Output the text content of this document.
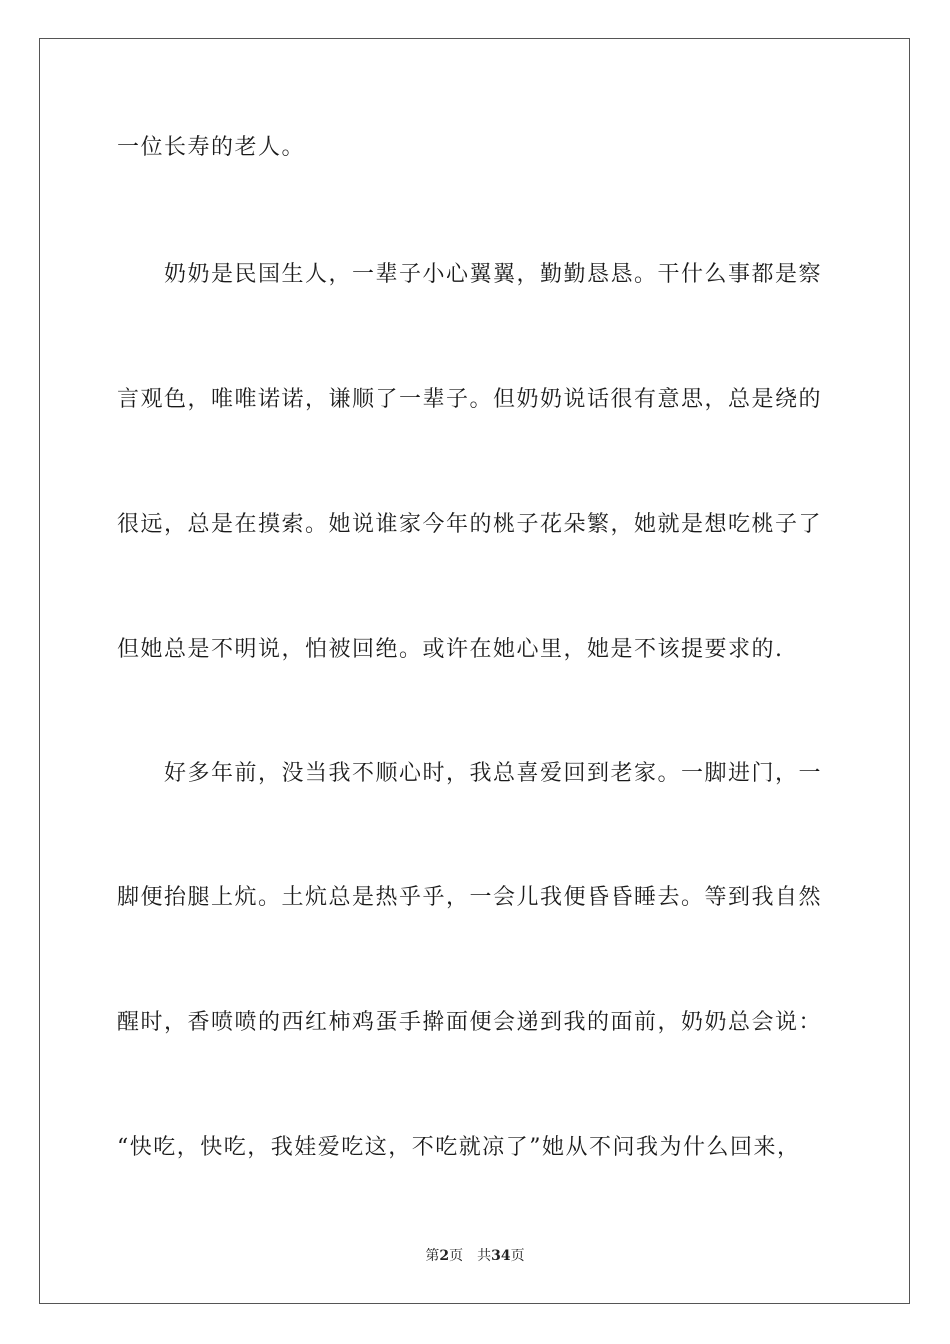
一位长寿的老人。
　　奶奶是民国生人，一辈子小心翼翼，勤勤恳恳。干什么事都是察
言观色，唯唯诺诺，谦顺了一辈子。但奶奶说话很有意思，总是绕的
很远，总是在摸索。她说谁家今年的桃子花朵繁，她就是想吃桃子了
但她总是不明说，怕被回绝。或许在她心里，她是不该提要求的.
　　好多年前，没当我不顺心时，我总喜爱回到老家。一脚进门，一
脚便抬腿上炕。土炕总是热乎乎，一会儿我便昏昏睡去。等到我自然
醒时，香喷喷的西红柿鸡蛋手擀面便会递到我的面前，奶奶总会说：
“快吃，快吃，我娃爱吃这，不吃就凉了”她从不问我为什么回来，
第2页 共34页
